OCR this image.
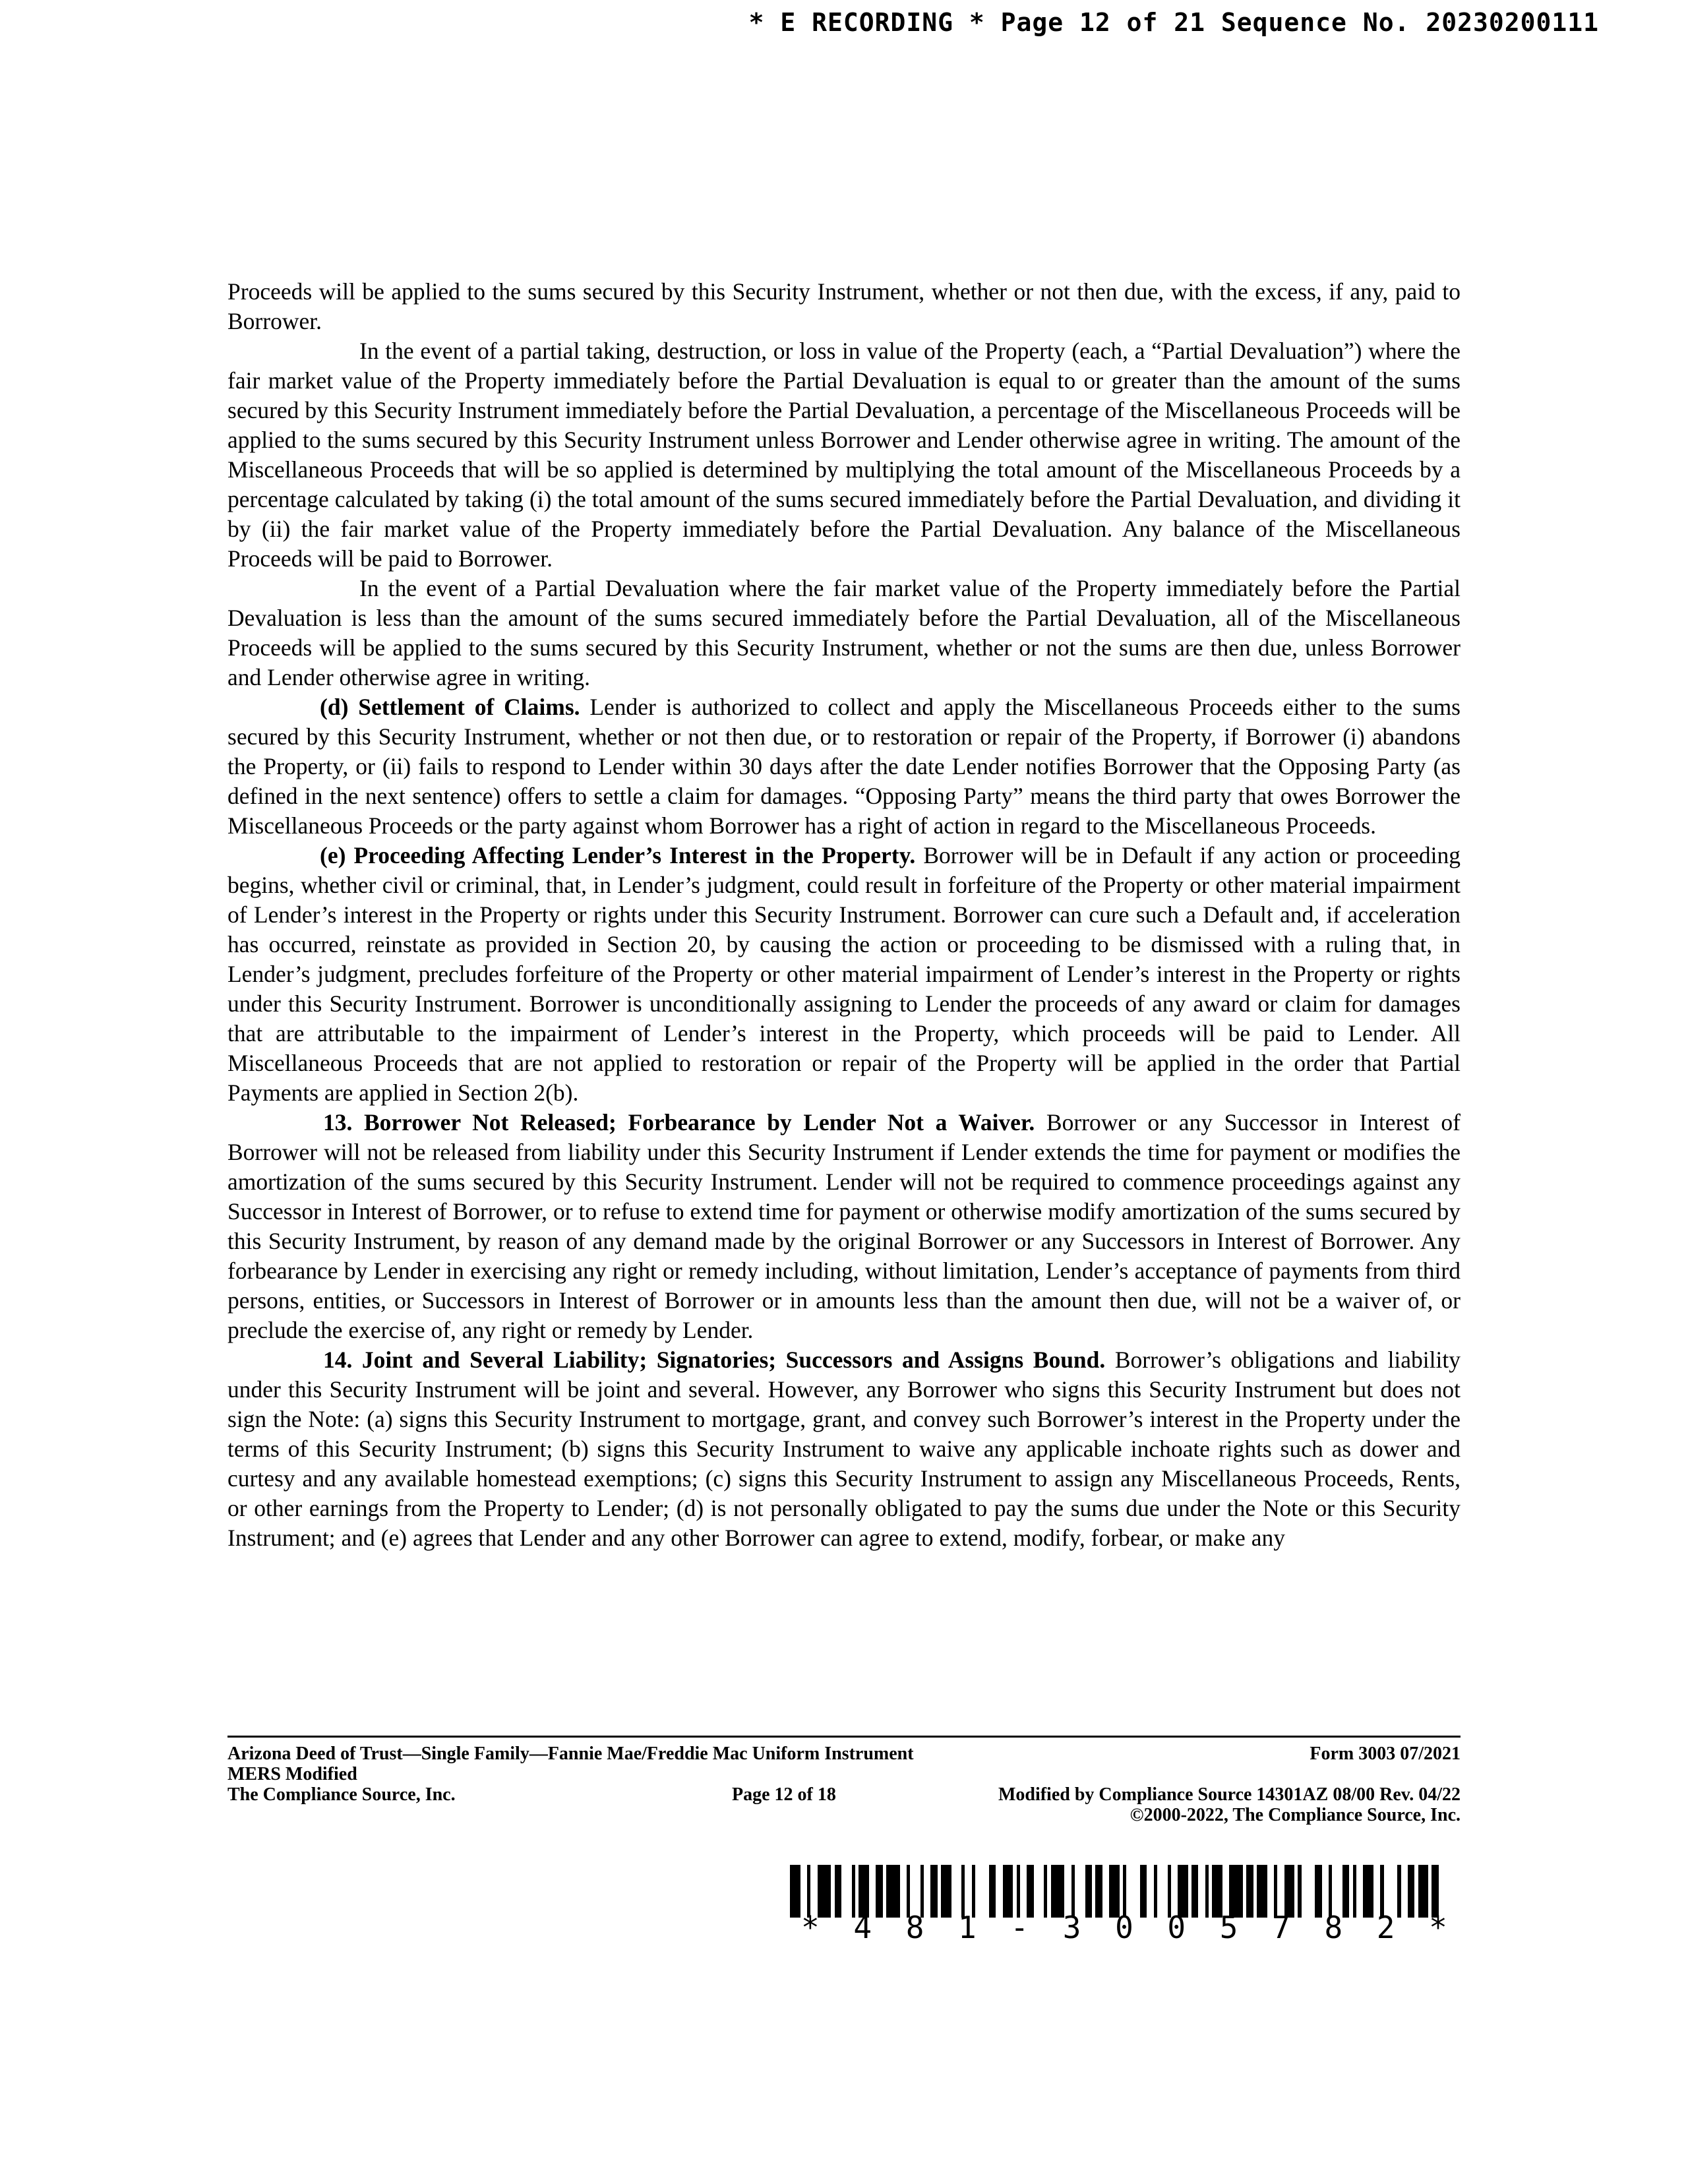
* E RECORDING * Page 12 of 21 Sequence No. 20230200111

Proceeds will be applied to the sums secured by this Security Instrument, whether or not then due, with the excess, if any, paid to Borrower.

In the event of a partial taking, destruction, or loss in value of the Property (each, a “Partial Devaluation”) where the fair market value of the Property immediately before the Partial Devaluation is equal to or greater than the amount of the sums secured by this Security Instrument immediately before the Partial Devaluation, a percentage of the Miscellaneous Proceeds will be applied to the sums secured by this Security Instrument unless Borrower and Lender otherwise agree in writing. The amount of the Miscellaneous Proceeds that will be so applied is determined by multiplying the total amount of the Miscellaneous Proceeds by a percentage calculated by taking (i) the total amount of the sums secured immediately before the Partial Devaluation, and dividing it by (ii) the fair market value of the Property immediately before the Partial Devaluation. Any balance of the Miscellaneous Proceeds will be paid to Borrower.

In the event of a Partial Devaluation where the fair market value of the Property immediately before the Partial Devaluation is less than the amount of the sums secured immediately before the Partial Devaluation, all of the Miscellaneous Proceeds will be applied to the sums secured by this Security Instrument, whether or not the sums are then due, unless Borrower and Lender otherwise agree in writing.

(d) Settlement of Claims. Lender is authorized to collect and apply the Miscellaneous Proceeds either to the sums secured by this Security Instrument, whether or not then due, or to restoration or repair of the Property, if Borrower (i) abandons the Property, or (ii) fails to respond to Lender within 30 days after the date Lender notifies Borrower that the Opposing Party (as defined in the next sentence) offers to settle a claim for damages. “Opposing Party” means the third party that owes Borrower the Miscellaneous Proceeds or the party against whom Borrower has a right of action in regard to the Miscellaneous Proceeds.

(e) Proceeding Affecting Lender’s Interest in the Property. Borrower will be in Default if any action or proceeding begins, whether civil or criminal, that, in Lender’s judgment, could result in forfeiture of the Property or other material impairment of Lender’s interest in the Property or rights under this Security Instrument. Borrower can cure such a Default and, if acceleration has occurred, reinstate as provided in Section 20, by causing the action or proceeding to be dismissed with a ruling that, in Lender’s judgment, precludes forfeiture of the Property or other material impairment of Lender’s interest in the Property or rights under this Security Instrument. Borrower is unconditionally assigning to Lender the proceeds of any award or claim for damages that are attributable to the impairment of Lender’s interest in the Property, which proceeds will be paid to Lender. All Miscellaneous Proceeds that are not applied to restoration or repair of the Property will be applied in the order that Partial Payments are applied in Section 2(b).

13. Borrower Not Released; Forbearance by Lender Not a Waiver. Borrower or any Successor in Interest of Borrower will not be released from liability under this Security Instrument if Lender extends the time for payment or modifies the amortization of the sums secured by this Security Instrument. Lender will not be required to commence proceedings against any Successor in Interest of Borrower, or to refuse to extend time for payment or otherwise modify amortization of the sums secured by this Security Instrument, by reason of any demand made by the original Borrower or any Successors in Interest of Borrower. Any forbearance by Lender in exercising any right or remedy including, without limitation, Lender’s acceptance of payments from third persons, entities, or Successors in Interest of Borrower or in amounts less than the amount then due, will not be a waiver of, or preclude the exercise of, any right or remedy by Lender.

14. Joint and Several Liability; Signatories; Successors and Assigns Bound. Borrower’s obligations and liability under this Security Instrument will be joint and several. However, any Borrower who signs this Security Instrument but does not sign the Note: (a) signs this Security Instrument to mortgage, grant, and convey such Borrower’s interest in the Property under the terms of this Security Instrument; (b) signs this Security Instrument to waive any applicable inchoate rights such as dower and curtesy and any available homestead exemptions; (c) signs this Security Instrument to assign any Miscellaneous Proceeds, Rents, or other earnings from the Property to Lender; (d) is not personally obligated to pay the sums due under the Note or this Security Instrument; and (e) agrees that Lender and any other Borrower can agree to extend, modify, forbear, or make any

Arizona Deed of Trust—Single Family—Fannie Mae/Freddie Mac Uniform Instrument	Form 3003 07/2021
MERS Modified
The Compliance Source, Inc.	Page 12 of 18	Modified by Compliance Source 14301AZ 08/00 Rev. 04/22
©2000-2022, The Compliance Source, Inc.
* 4 8 1 - 3 0 0 5 7 8 2 *
